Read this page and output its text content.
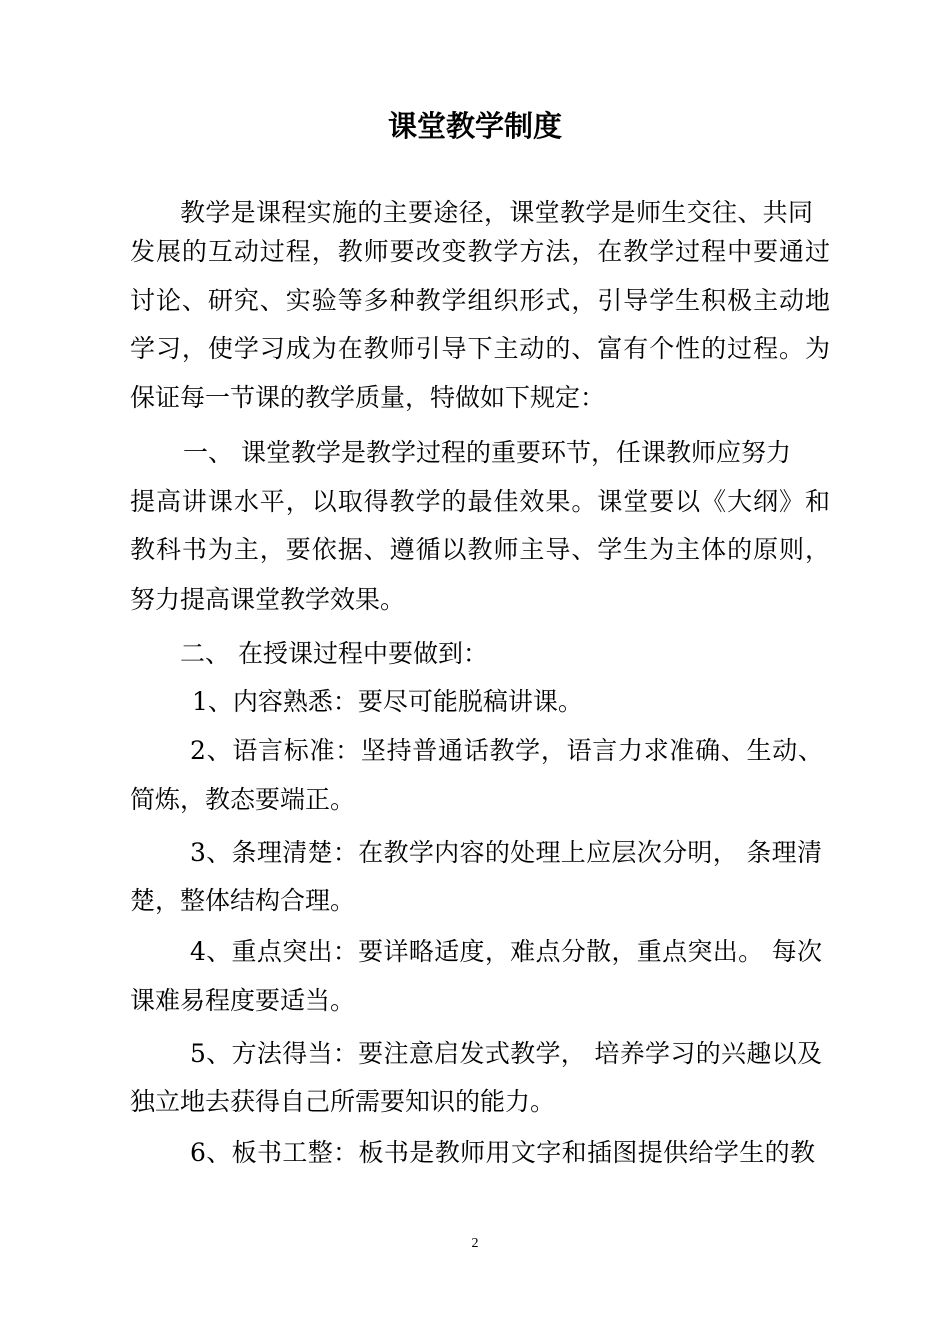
课堂教学制度
教学是课程实施的主要途径，课堂教学是师生交往、共同
发展的互动过程，教师要改变教学方法，在教学过程中要通过
讨论、研究、实验等多种教学组织形式，引导学生积极主动地
学习，使学习成为在教师引导下主动的、富有个性的过程。为
保证每一节课的教学质量，特做如下规定：
一、 课堂教学是教学过程的重要环节，任课教师应努力
提高讲课水平，以取得教学的最佳效果。课堂要以《大纲》和
教科书为主，要依据、遵循以教师主导、学生为主体的原则，
努力提高课堂教学效果。
二、 在授课过程中要做到：
1、内容熟悉：要尽可能脱稿讲课。
2、语言标准：坚持普通话教学，语言力求准确、生动、
简炼，教态要端正。
3、条理清楚：在教学内容的处理上应层次分明， 条理清
楚，整体结构合理。
4、重点突出：要详略适度，难点分散，重点突出。 每次
课难易程度要适当。
5、方法得当：要注意启发式教学， 培养学习的兴趣以及
独立地去获得自己所需要知识的能力。
6、板书工整：板书是教师用文字和插图提供给学生的教
2
